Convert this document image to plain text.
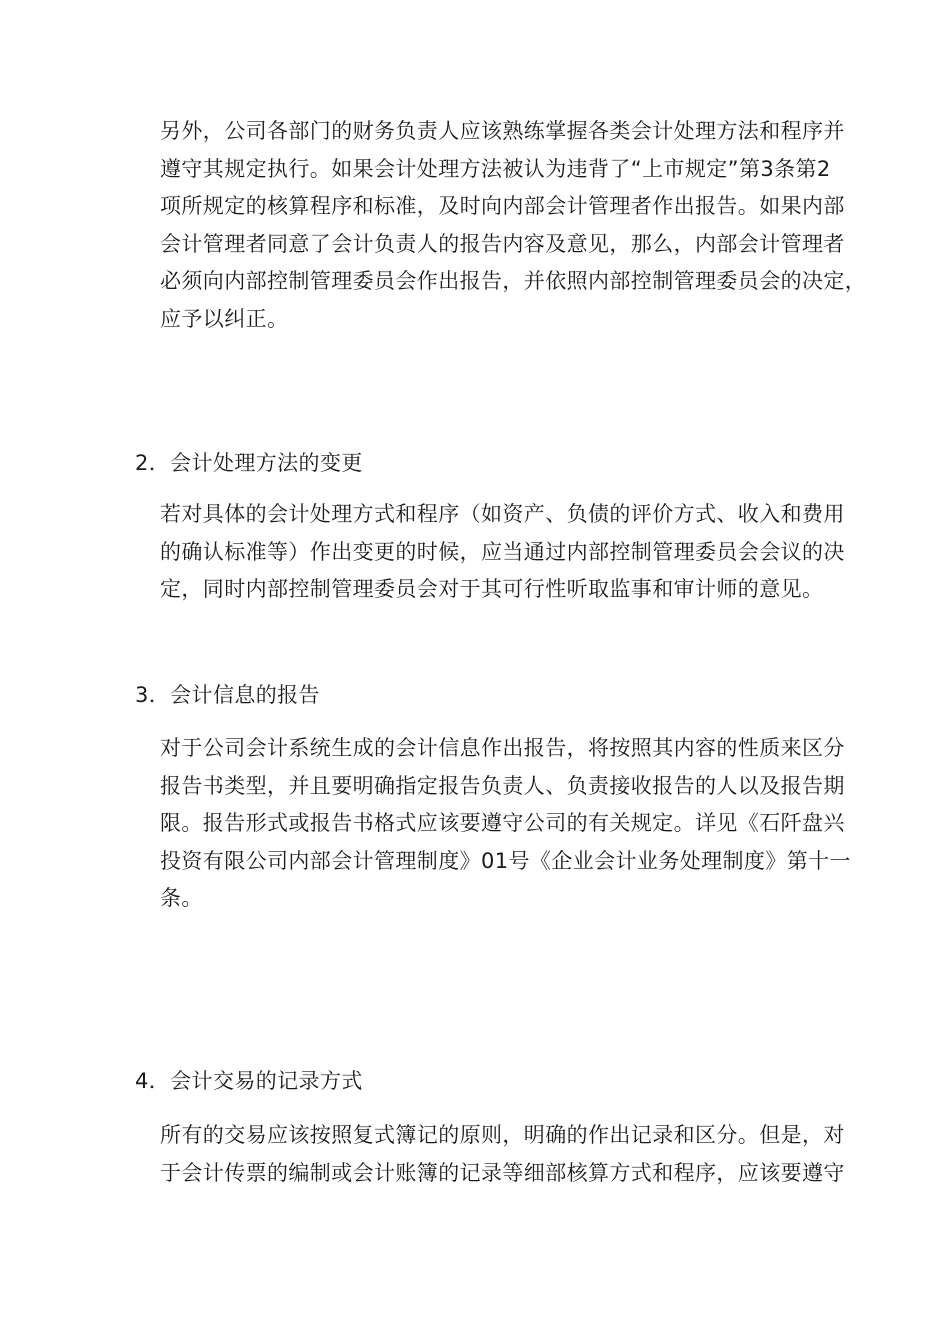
另外，公司各部门的财务负责人应该熟练掌握各类会计处理方法和程序并
遵守其规定执行。如果会计处理方法被认为违背了“上市规定”第3条第2
项所规定的核算程序和标准，及时向内部会计管理者作出报告。如果内部
会计管理者同意了会计负责人的报告内容及意见，那么，内部会计管理者
必须向内部控制管理委员会作出报告，并依照内部控制管理委员会的决定，
应予以纠正。
2．会计处理方法的变更
若对具体的会计处理方式和程序（如资产、负债的评价方式、收入和费用
的确认标准等）作出变更的时候，应当通过内部控制管理委员会会议的决
定，同时内部控制管理委员会对于其可行性听取监事和审计师的意见。
3．会计信息的报告
对于公司会计系统生成的会计信息作出报告，将按照其内容的性质来区分
报告书类型，并且要明确指定报告负责人、负责接收报告的人以及报告期
限。报告形式或报告书格式应该要遵守公司的有关规定。详见《石阡盘兴
投资有限公司内部会计管理制度》01号《企业会计业务处理制度》第十一
条。
4．会计交易的记录方式
所有的交易应该按照复式簿记的原则，明确的作出记录和区分。但是，对
于会计传票的编制或会计账簿的记录等细部核算方式和程序，应该要遵守
